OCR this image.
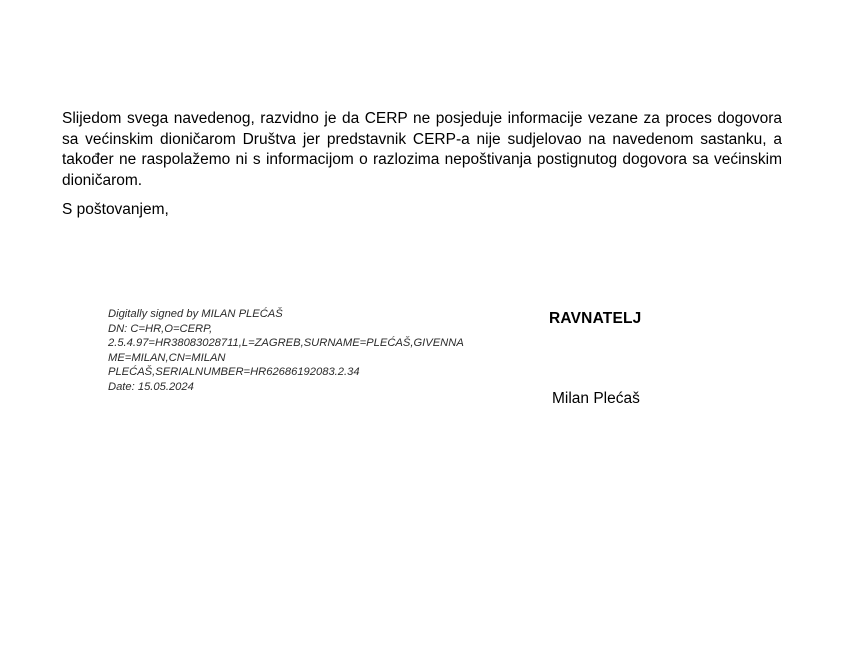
Slijedom svega navedenog, razvidno je da CERP ne posjeduje informacije vezane za proces dogovora sa većinskim dioničarom Društva jer predstavnik CERP-a nije sudjelovao na navedenom sastanku, a također ne raspolažemo ni s informacijom o razlozima nepoštivanja postignutog dogovora sa većinskim dioničarom.

S poštovanjem,

Digitally signed by MILAN PLEĆAŠ
DN: C=HR,O=CERP,
2.5.4.97=HR38083028711,L=ZAGREB,SURNAME=PLEĆAŠ,GIVENNA
ME=MILAN,CN=MILAN
PLEĆAŠ,SERIALNUMBER=HR62686192083.2.34
Date: 15.05.2024

RAVNATELJ

Milan Plećaš
